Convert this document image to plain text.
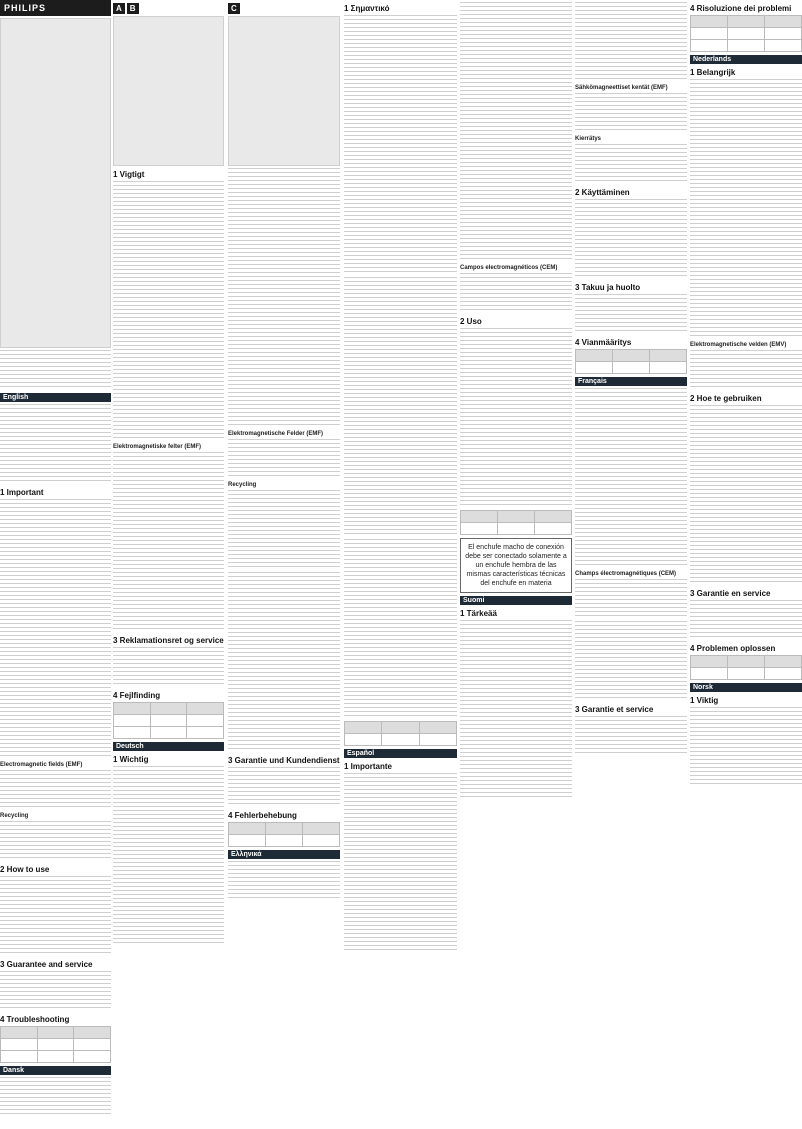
PHILIPS
English
1 Important
Electromagnetic fields (EMF)
Recycling
2 How to use
3 Guarantee and service
4 Troubleshooting

Dansk
A	B
1 Vigtigt
Elektromagnetiske felter (EMF)
3 Reklamationsret og service
4 Fejlfinding

Deutsch
1 Wichtig
C
Elektromagnetische Felder (EMF)
Recycling
3 Garantie und Kundendienst
4 Fehlerbehebung

Ελληνικά
1 Σημαντικό

Español
1 Importante
Campos electromagnéticos (CEM)
2 Uso

El enchufe macho de conexión debe ser conectado solamente a un enchufe hembra de las mismas características técnicas del enchufe en materia
Suomi
1 Tärkeää
Sähkömagneettiset kentät (EMF)
Kierrätys
2 Käyttäminen
3 Takuu ja huolto
4 Vianmääritys

Français
Champs électromagnétiques (CEM)
3 Garantie et service
4 Risoluzione dei problemi

Nederlands
1 Belangrijk
Elektromagnetische velden (EMV)
2 Hoe te gebruiken
3 Garantie en service
4 Problemen oplossen

Norsk
1 Viktig
